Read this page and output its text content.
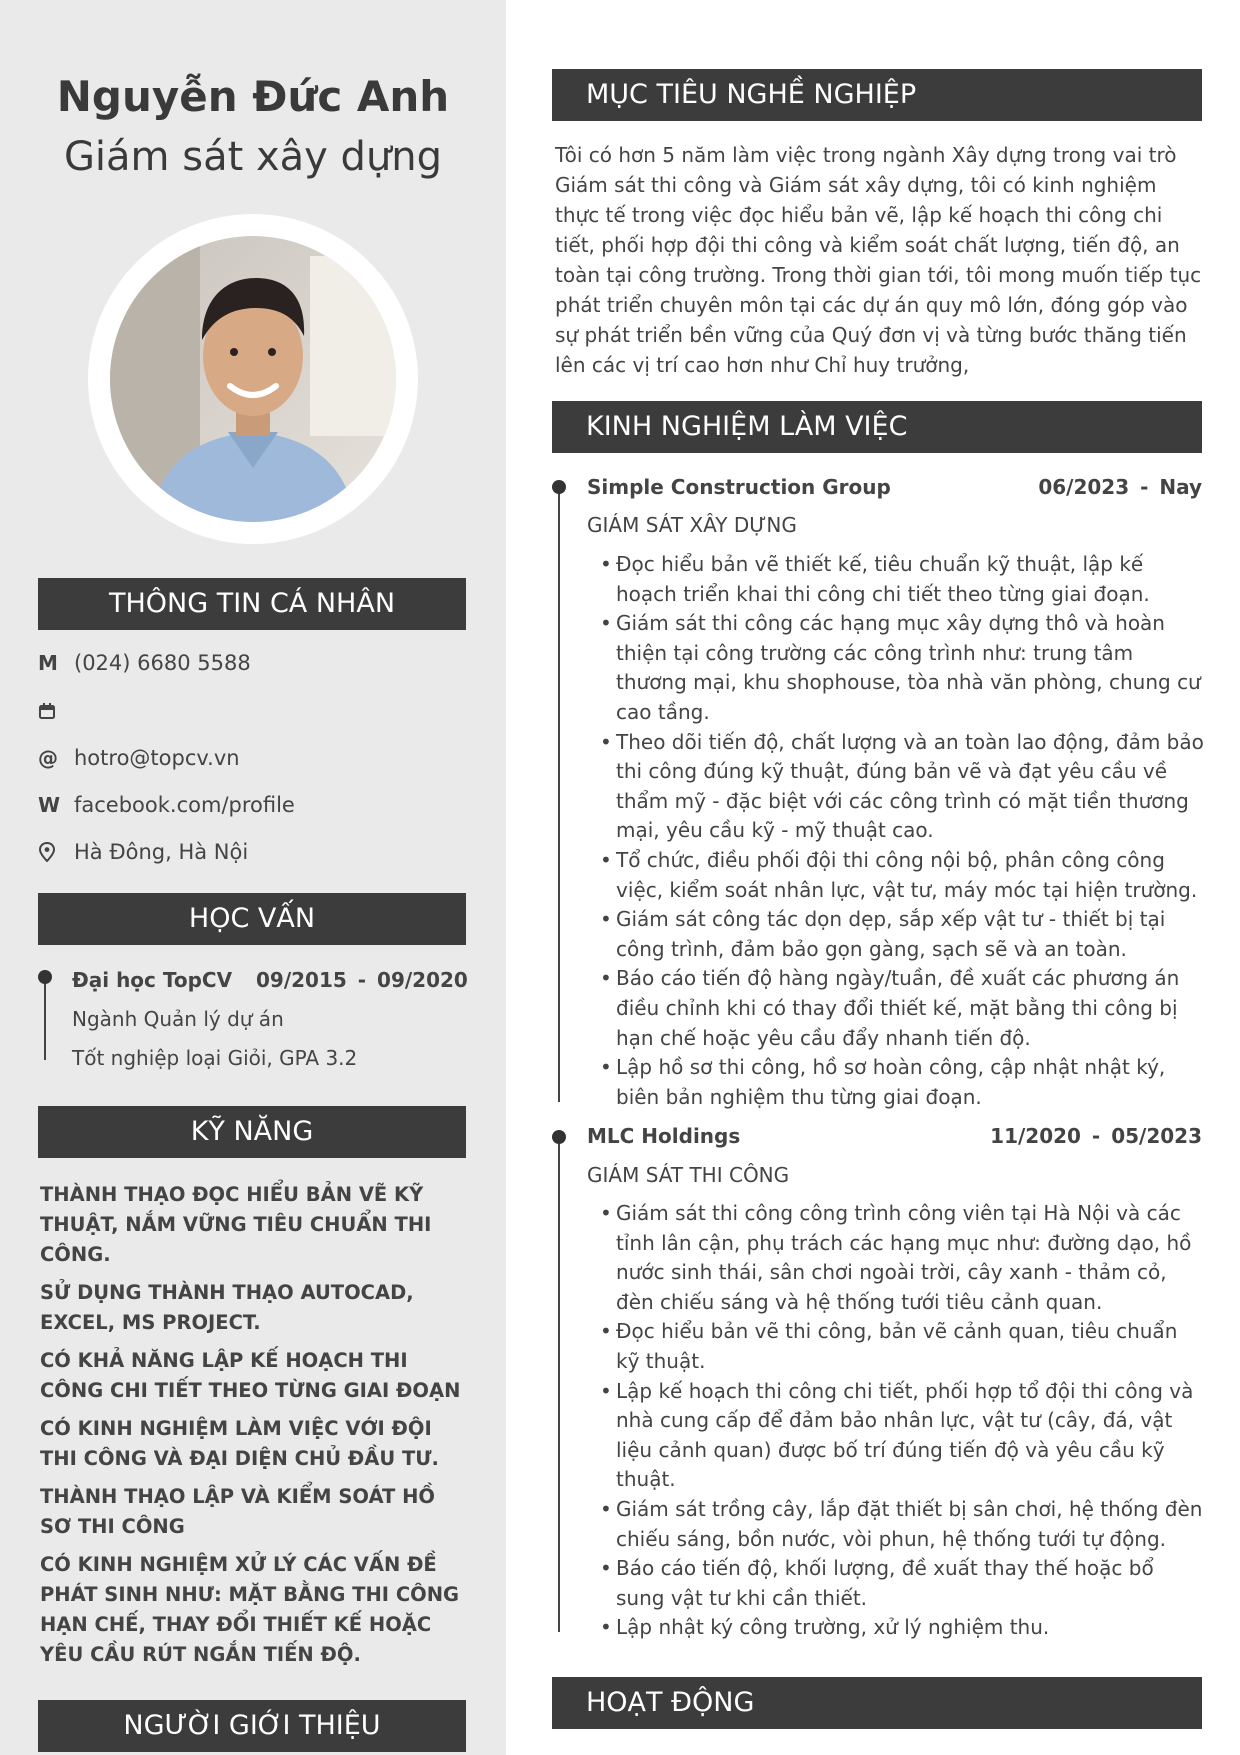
Nguyễn Đức Anh
Giám sát xây dựng
THÔNG TIN CÁ NHÂN
M (024) 6680 5588
@ hotro@topcv.vn
W facebook.com/profile
Hà Đông, Hà Nội
HỌC VẤN
Đại học TopCV 09/2015 - 09/2020
Ngành Quản lý dự án
Tốt nghiệp loại Giỏi, GPA 3.2
KỸ NĂNG
THÀNH THẠO ĐỌC HIỂU BẢN VẼ KỸ THUẬT, NẮM VỮNG TIÊU CHUẨN THI CÔNG.
SỬ DỤNG THÀNH THẠO AUTOCAD, EXCEL, MS PROJECT.
CÓ KHẢ NĂNG LẬP KẾ HOẠCH THI CÔNG CHI TIẾT THEO TỪNG GIAI ĐOẠN
CÓ KINH NGHIỆM LÀM VIỆC VỚI ĐỘI THI CÔNG VÀ ĐẠI DIỆN CHỦ ĐẦU TƯ.
THÀNH THẠO LẬP VÀ KIỂM SOÁT HỒ SƠ THI CÔNG
CÓ KINH NGHIỆM XỬ LÝ CÁC VẤN ĐỀ PHÁT SINH NHƯ: MẶT BẰNG THI CÔNG HẠN CHẾ, THAY ĐỔI THIẾT KẾ HOẶC YÊU CẦU RÚT NGẮN TIẾN ĐỘ.
NGƯỜI GIỚI THIỆU
MỤC TIÊU NGHỀ NGHIỆP
Tôi có hơn 5 năm làm việc trong ngành Xây dựng trong vai trò Giám sát thi công và Giám sát xây dựng, tôi có kinh nghiệm thực tế trong việc đọc hiểu bản vẽ, lập kế hoạch thi công chi tiết, phối hợp đội thi công và kiểm soát chất lượng, tiến độ, an toàn tại công trường. Trong thời gian tới, tôi mong muốn tiếp tục phát triển chuyên môn tại các dự án quy mô lớn, đóng góp vào sự phát triển bền vững của Quý đơn vị và từng bước thăng tiến lên các vị trí cao hơn như Chỉ huy trưởng,
KINH NGHIỆM LÀM VIỆC
Simple Construction Group	06/2023 - Nay
GIÁM SÁT XÂY DỰNG
• Đọc hiểu bản vẽ thiết kế, tiêu chuẩn kỹ thuật, lập kế hoạch triển khai thi công chi tiết theo từng giai đoạn.
• Giám sát thi công các hạng mục xây dựng thô và hoàn thiện tại công trường các công trình như: trung tâm thương mại, khu shophouse, tòa nhà văn phòng, chung cư cao tầng.
• Theo dõi tiến độ, chất lượng và an toàn lao động, đảm bảo thi công đúng kỹ thuật, đúng bản vẽ và đạt yêu cầu về thẩm mỹ - đặc biệt với các công trình có mặt tiền thương mại, yêu cầu kỹ - mỹ thuật cao.
• Tổ chức, điều phối đội thi công nội bộ, phân công công việc, kiểm soát nhân lực, vật tư, máy móc tại hiện trường.
• Giám sát công tác dọn dẹp, sắp xếp vật tư - thiết bị tại công trình, đảm bảo gọn gàng, sạch sẽ và an toàn.
• Báo cáo tiến độ hàng ngày/tuần, đề xuất các phương án điều chỉnh khi có thay đổi thiết kế, mặt bằng thi công bị hạn chế hoặc yêu cầu đẩy nhanh tiến độ.
• Lập hồ sơ thi công, hồ sơ hoàn công, cập nhật nhật ký, biên bản nghiệm thu từng giai đoạn.
MLC Holdings	11/2020 - 05/2023
GIÁM SÁT THI CÔNG
• Giám sát thi công công trình công viên tại Hà Nội và các tỉnh lân cận, phụ trách các hạng mục như: đường dạo, hồ nước sinh thái, sân chơi ngoài trời, cây xanh - thảm cỏ, đèn chiếu sáng và hệ thống tưới tiêu cảnh quan.
• Đọc hiểu bản vẽ thi công, bản vẽ cảnh quan, tiêu chuẩn kỹ thuật.
• Lập kế hoạch thi công chi tiết, phối hợp tổ đội thi công và nhà cung cấp để đảm bảo nhân lực, vật tư (cây, đá, vật liệu cảnh quan) được bố trí đúng tiến độ và yêu cầu kỹ thuật.
• Giám sát trồng cây, lắp đặt thiết bị sân chơi, hệ thống đèn chiếu sáng, bồn nước, vòi phun, hệ thống tưới tự động.
• Báo cáo tiến độ, khối lượng, đề xuất thay thế hoặc bổ sung vật tư khi cần thiết.
• Lập nhật ký công trường, xử lý nghiệm thu.
HOẠT ĐỘNG
